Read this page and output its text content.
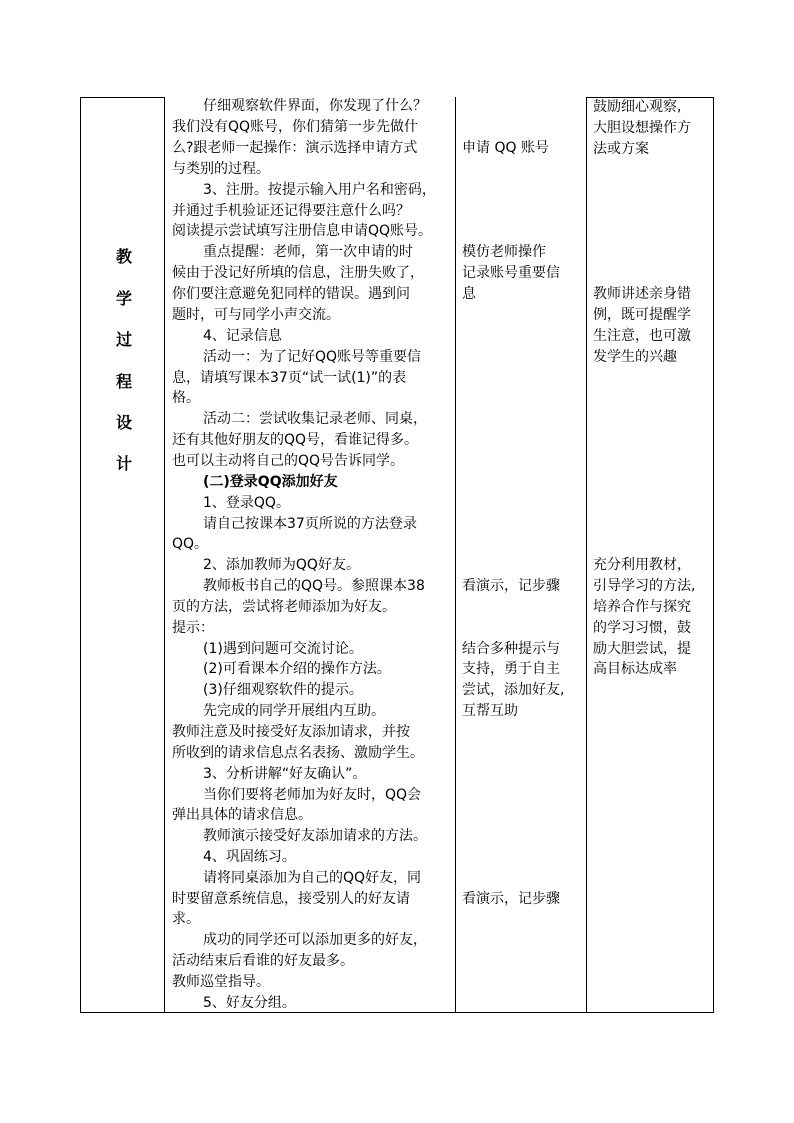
教
学
过
程
设
计
仔细观察软件界面，你发现了什么？
我们没有QQ账号，你们猜第一步先做什
么?跟老师一起操作：演示选择申请方式
与类别的过程。
3、注册。按提示输入用户名和密码，
并通过手机验证还记得要注意什么吗？
阅读提示尝试填写注册信息申请QQ账号。
重点提醒：老师，第一次申请的时
候由于没记好所填的信息，注册失败了，
你们要注意避免犯同样的错误。遇到问
题时，可与同学小声交流。
4、记录信息
活动一：为了记好QQ账号等重要信
息，请填写课本37页“试一试(1)”的表
格。
活动二：尝试收集记录老师、同桌，
还有其他好朋友的QQ号，看谁记得多。
也可以主动将自己的QQ号告诉同学。
(二)登录QQ添加好友
1、登录QQ。
请自己按课本37页所说的方法登录
QQ。
2、添加教师为QQ好友。
教师板书自己的QQ号。参照课本38
页的方法，尝试将老师添加为好友。
提示：
(1)遇到问题可交流讨论。
(2)可看课本介绍的操作方法。
(3)仔细观察软件的提示。
先完成的同学开展组内互助。
教师注意及时接受好友添加请求，并按
所收到的请求信息点名表扬、激励学生。
3、分析讲解“好友确认”。
当你们要将老师加为好友时，QQ会
弹出具体的请求信息。
教师演示接受好友添加请求的方法。
4、巩固练习。
请将同桌添加为自己的QQ好友，同
时要留意系统信息，接受别人的好友请
求。
成功的同学还可以添加更多的好友，
活动结束后看谁的好友最多。
教师巡堂指导。
5、好友分组。
申请 QQ 账号
模仿老师操作
记录账号重要信
息
看演示，记步骤
结合多种提示与
支持，勇于自主
尝试，添加好友,
互帮互助
看演示，记步骤
鼓励细心观察,
大胆设想操作方
法或方案
教师讲述亲身错
例，既可提醒学
生注意，也可激
发学生的兴趣
充分利用教材，
引导学习的方法,
培养合作与探究
的学习习惯，鼓
励大胆尝试，提
高目标达成率
